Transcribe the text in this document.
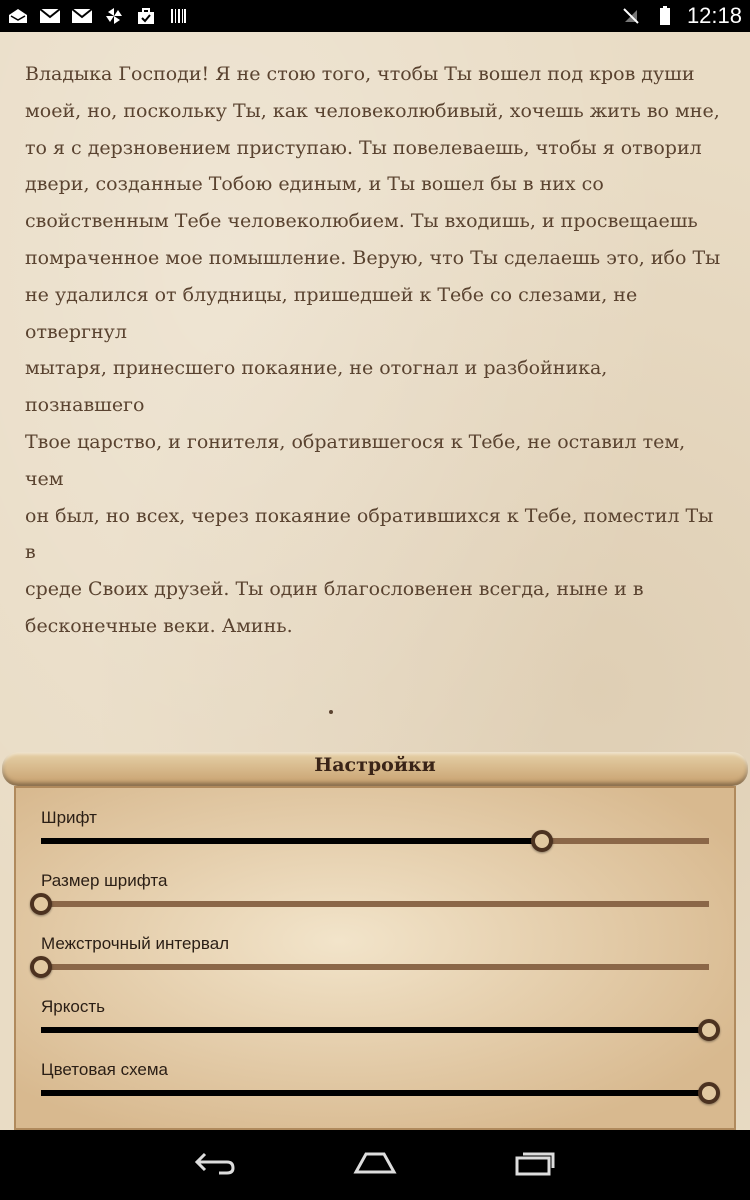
12:18
Владыка Господи! Я не стою того, чтобы Ты вошел под кров души
моей, но, поскольку Ты, как человеколюбивый, хочешь жить во мне,
то я с дерзновением приступаю. Ты повелеваешь, чтобы я отворил
двери, созданные Тобою единым, и Ты вошел бы в них со
свойственным Тебе человеколюбием. Ты входишь, и просвещаешь
помраченное мое помышление. Верую, что Ты сделаешь это, ибо Ты
не удалился от блудницы, пришедшей к Тебе со слезами, не отвергнул
мытаря, принесшего покаяние, не отогнал и разбойника, познавшего
Твое царство, и гонителя, обратившегося к Тебе, не оставил тем, чем
он был, но всех, через покаяние обратившихся к Тебе, поместил Ты в
среде Своих друзей. Ты один благословенен всегда, ныне и в
бесконечные веки. Аминь.
Шрифт
Размер шрифта
Межстрочный интервал
Яркость
Цветовая схема
Настройки
